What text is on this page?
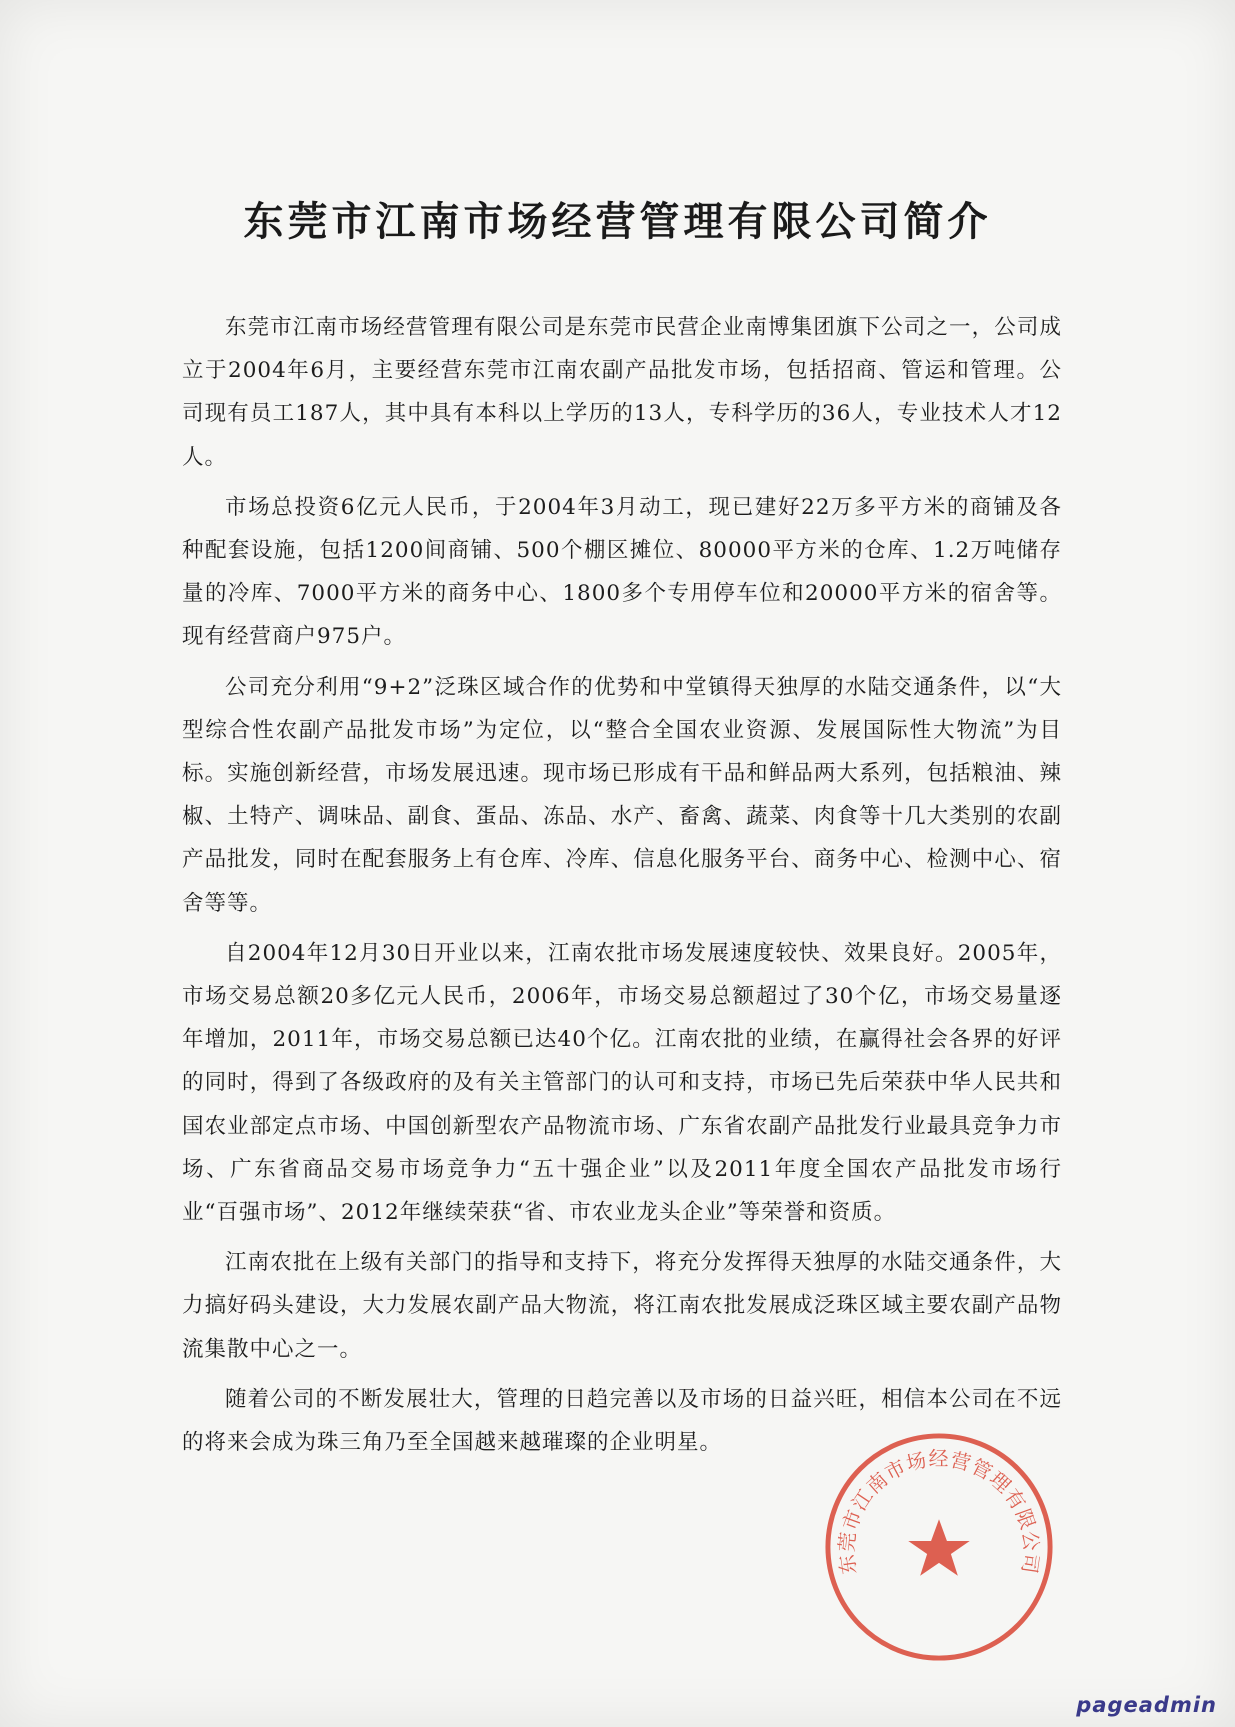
东莞市江南市场经营管理有限公司简介

东莞市江南市场经营管理有限公司是东莞市民营企业南博集团旗下公司之一，公司成立于2004年6月，主要经营东莞市江南农副产品批发市场，包括招商、管运和管理。公司现有员工187人，其中具有本科以上学历的13人，专科学历的36人，专业技术人才12人。

市场总投资6亿元人民币，于2004年3月动工，现已建好22万多平方米的商铺及各种配套设施，包括1200间商铺、500个棚区摊位、80000平方米的仓库、1.2万吨储存量的冷库、7000平方米的商务中心、1800多个专用停车位和20000平方米的宿舍等。现有经营商户975户。

公司充分利用“9+2”泛珠区域合作的优势和中堂镇得天独厚的水陆交通条件，以“大型综合性农副产品批发市场”为定位，以“整合全国农业资源、发展国际性大物流”为目标。实施创新经营，市场发展迅速。现市场已形成有干品和鲜品两大系列，包括粮油、辣椒、土特产、调味品、副食、蛋品、冻品、水产、畜禽、蔬菜、肉食等十几大类别的农副产品批发，同时在配套服务上有仓库、冷库、信息化服务平台、商务中心、检测中心、宿舍等等。

自2004年12月30日开业以来，江南农批市场发展速度较快、效果良好。2005年，市场交易总额20多亿元人民币，2006年，市场交易总额超过了30个亿，市场交易量逐年增加，2011年，市场交易总额已达40个亿。江南农批的业绩，在赢得社会各界的好评的同时，得到了各级政府的及有关主管部门的认可和支持，市场已先后荣获中华人民共和国农业部定点市场、中国创新型农产品物流市场、广东省农副产品批发行业最具竞争力市场、广东省商品交易市场竞争力“五十强企业”以及2011年度全国农产品批发市场行业“百强市场”、2012年继续荣获“省、市农业龙头企业”等荣誉和资质。

江南农批在上级有关部门的指导和支持下，将充分发挥得天独厚的水陆交通条件，大力搞好码头建设，大力发展农副产品大物流，将江南农批发展成泛珠区域主要农副产品物流集散中心之一。

随着公司的不断发展壮大，管理的日趋完善以及市场的日益兴旺，相信本公司在不远的将来会成为珠三角乃至全国越来越璀璨的企业明星。

东莞市江南市场经营管理有限公司
pageadmin
